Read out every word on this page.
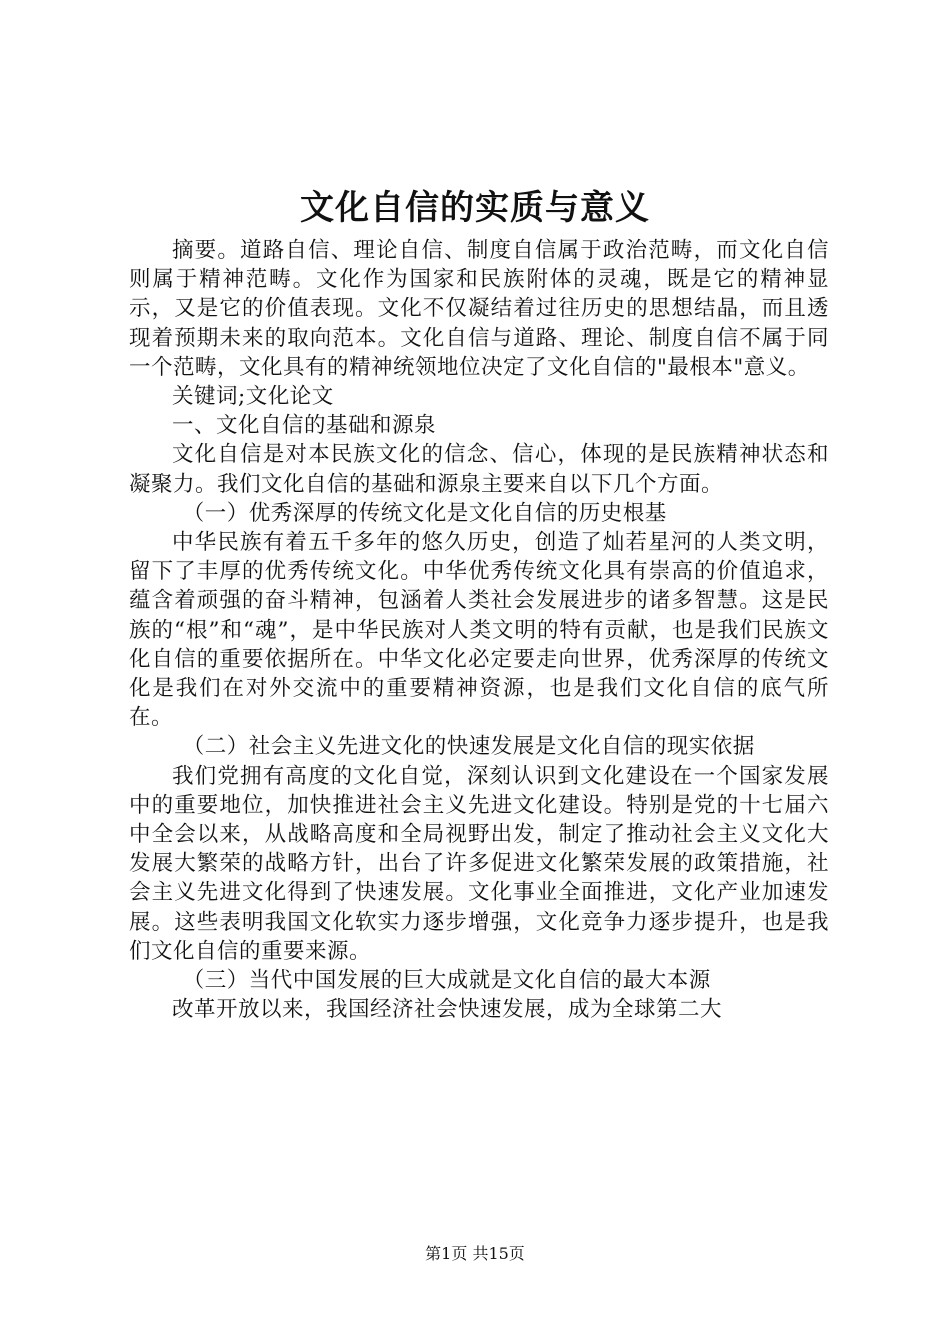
文化自信的实质与意义

摘要。道路自信、理论自信、制度自信属于政治范畴，而文化自信则属于精神范畴。文化作为国家和民族附体的灵魂，既是它的精神显示，又是它的价值表现。文化不仅凝结着过往历史的思想结晶，而且透现着预期未来的取向范本。文化自信与道路、理论、制度自信不属于同一个范畴，文化具有的精神统领地位决定了文化自信的"最根本"意义。

关键词;文化论文

一、文化自信的基础和源泉

文化自信是对本民族文化的信念、信心，体现的是民族精神状态和凝聚力。我们文化自信的基础和源泉主要来自以下几个方面。

（一）优秀深厚的传统文化是文化自信的历史根基

中华民族有着五千多年的悠久历史，创造了灿若星河的人类文明，留下了丰厚的优秀传统文化。中华优秀传统文化具有崇高的价值追求，蕴含着顽强的奋斗精神，包涵着人类社会发展进步的诸多智慧。这是民族的“根”和“魂”，是中华民族对人类文明的特有贡献，也是我们民族文化自信的重要依据所在。中华文化必定要走向世界，优秀深厚的传统文化是我们在对外交流中的重要精神资源，也是我们文化自信的底气所在。

（二）社会主义先进文化的快速发展是文化自信的现实依据

我们党拥有高度的文化自觉，深刻认识到文化建设在一个国家发展中的重要地位，加快推进社会主义先进文化建设。特别是党的十七届六中全会以来，从战略高度和全局视野出发，制定了推动社会主义文化大发展大繁荣的战略方针，出台了许多促进文化繁荣发展的政策措施，社会主义先进文化得到了快速发展。文化事业全面推进，文化产业加速发展。这些表明我国文化软实力逐步增强，文化竞争力逐步提升，也是我们文化自信的重要来源。

（三）当代中国发展的巨大成就是文化自信的最大本源

改革开放以来，我国经济社会快速发展，成为全球第二大

第1页 共15页
